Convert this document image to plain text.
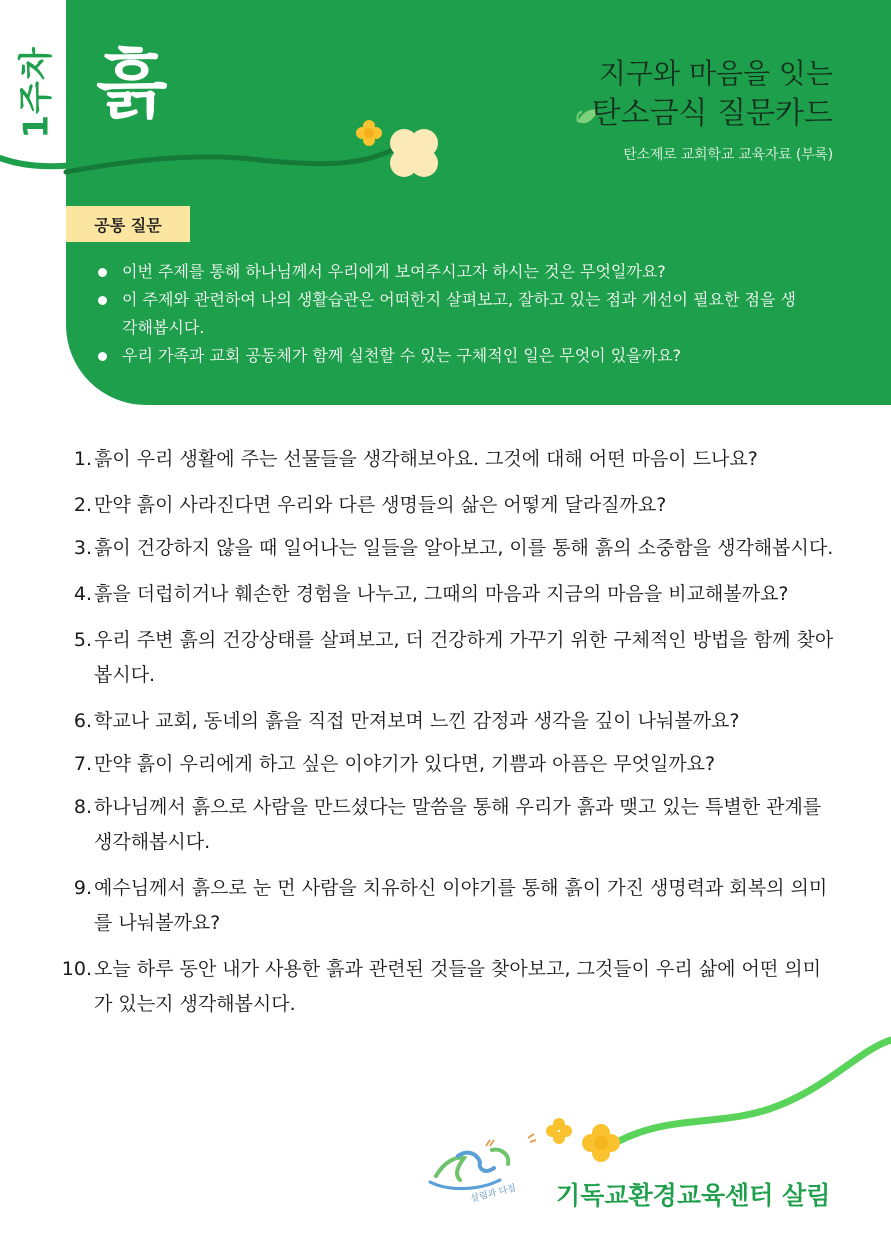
1주차 흙	지구와 마음을 잇는
탄소금식 질문카드
탄소제로 교회학교 교육자료 (부록)
공통 질문
이번 주제를 통해 하나님께서 우리에게 보여주시고자 하시는 것은 무엇일까요?
이 주제와 관련하여 나의 생활습관은 어떠한지 살펴보고, 잘하고 있는 점과 개선이 필요한 점을 생각해봅시다.
우리 가족과 교회 공동체가 함께 실천할 수 있는 구체적인 일은 무엇이 있을까요?
1. 흙이 우리 생활에 주는 선물들을 생각해보아요. 그것에 대해 어떤 마음이 드나요?
2. 만약 흙이 사라진다면 우리와 다른 생명들의 삶은 어떻게 달라질까요?
3. 흙이 건강하지 않을 때 일어나는 일들을 알아보고, 이를 통해 흙의 소중함을 생각해봅시다.
4. 흙을 더럽히거나 훼손한 경험을 나누고, 그때의 마음과 지금의 마음을 비교해볼까요?
5. 우리 주변 흙의 건강상태를 살펴보고, 더 건강하게 가꾸기 위한 구체적인 방법을 함께 찾아봅시다.
6. 학교나 교회, 동네의 흙을 직접 만져보며 느낀 감정과 생각을 깊이 나눠볼까요?
7. 만약 흙이 우리에게 하고 싶은 이야기가 있다면, 기쁨과 아픔은 무엇일까요?
8. 하나님께서 흙으로 사람을 만드셨다는 말씀을 통해 우리가 흙과 맺고 있는 특별한 관계를 생각해봅시다.
9. 예수님께서 흙으로 눈 먼 사람을 치유하신 이야기를 통해 흙이 가진 생명력과 회복의 의미를 나눠볼까요?
10. 오늘 하루 동안 내가 사용한 흙과 관련된 것들을 찾아보고, 그것들이 우리 삶에 어떤 의미가 있는지 생각해봅시다.
살림과 다짐 기독교환경교육센터 살림
